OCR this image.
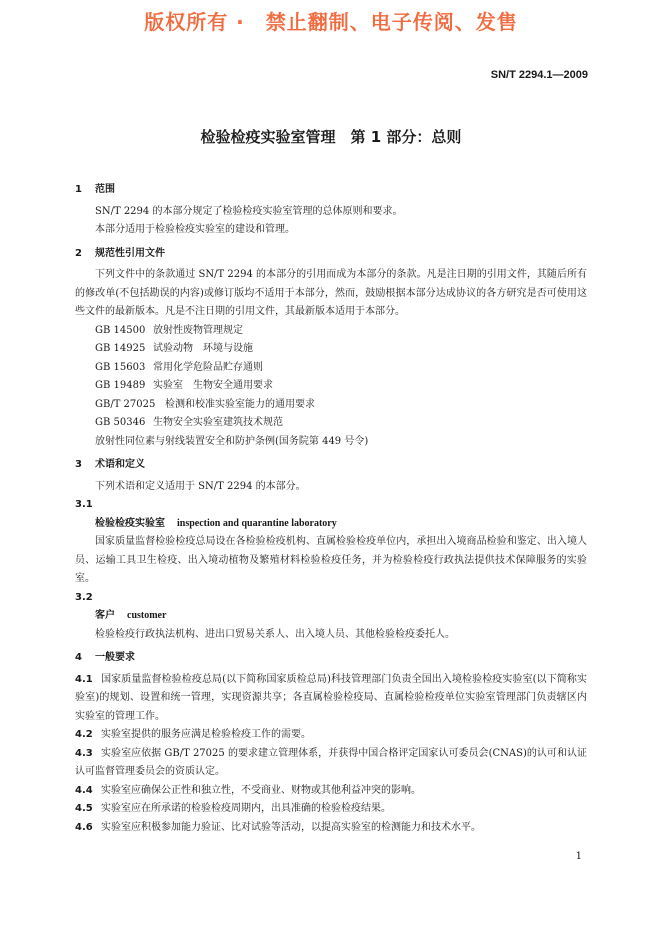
版权所有 ·　禁止翻制、电子传阅、发售
SN/T 2294.1—2009
检验检疫实验室管理　第 1 部分：总则

1 范围

SN/T 2294 的本部分规定了检验检疫实验室管理的总体原则和要求。

本部分适用于检验检疫实验室的建设和管理。

2 规范性引用文件

下列文件中的条款通过 SN/T 2294 的本部分的引用而成为本部分的条款。凡是注日期的引用文件，其随后所有的修改单(不包括勘误的内容)或修订版均不适用于本部分，然而，鼓励根据本部分达成协议的各方研究是否可使用这些文件的最新版本。凡是不注日期的引用文件，其最新版本适用于本部分。

GB 14500 放射性废物管理规定

GB 14925 试验动物　环境与设施

GB 15603 常用化学危险品贮存通则

GB 19489 实验室　生物安全通用要求

GB/T 27025 检测和校准实验室能力的通用要求

GB 50346 生物安全实验室建筑技术规范

放射性同位素与射线装置安全和防护条例(国务院第 449 号令)

3 术语和定义

下列术语和定义适用于 SN/T 2294 的本部分。

3.1

检验检疫实验室 inspection and quarantine laboratory

国家质量监督检验检疫总局设在各检验检疫机构、直属检验检疫单位内，承担出入境商品检验和鉴定、出入境人员、运输工具卫生检疫、出入境动植物及繁殖材料检验检疫任务，并为检验检疫行政执法提供技术保障服务的实验室。

3.2

客户 customer

检验检疫行政执法机构、进出口贸易关系人、出入境人员、其他检验检疫委托人。

4 一般要求

4.1 国家质量监督检验检疫总局(以下简称国家质检总局)科技管理部门负责全国出入境检验检疫实验室(以下简称实验室)的规划、设置和统一管理，实现资源共享；各直属检验检疫局、直属检验检疫单位实验室管理部门负责辖区内实验室的管理工作。

4.2 实验室提供的服务应满足检验检疫工作的需要。

4.3 实验室应依据 GB/T 27025 的要求建立管理体系，并获得中国合格评定国家认可委员会(CNAS)的认可和认证认可监督管理委员会的资质认定。

4.4 实验室应确保公正性和独立性，不受商业、财物或其他利益冲突的影响。

4.5 实验室应在所承诺的检验检疫周期内，出具准确的检验检疫结果。

4.6 实验室应积极参加能力验证、比对试验等活动，以提高实验室的检测能力和技术水平。

1
